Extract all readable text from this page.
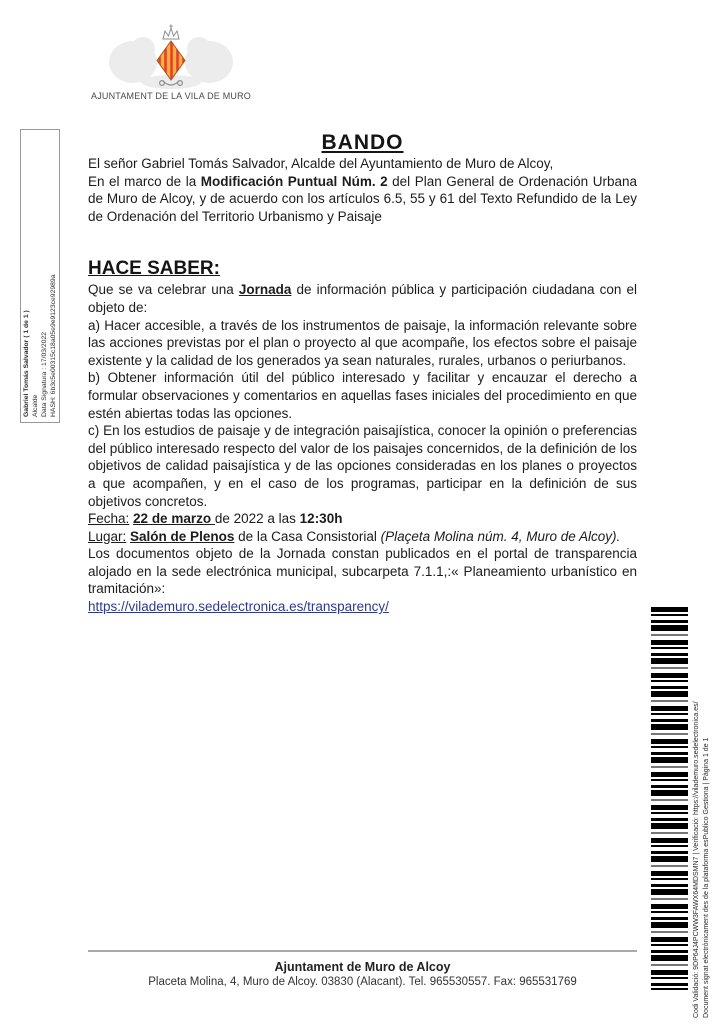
AJUNTAMENT DE LA VILA DE MURO
Gabriel Tomás Salvador ( 1 de 1 ) Alcalde Data Signatura : 17/03/2022 HASH: 6b3c5e00315c18a05e9e9123ce92989a
BANDO

El señor Gabriel Tomás Salvador, Alcalde del Ayuntamiento de Muro de Alcoy,

En el marco de la Modificación Puntual Núm. 2 del Plan General de Ordenación Urbana de Muro de Alcoy, y de acuerdo con los artículos 6.5, 55 y 61 del Texto Refundido de la Ley de Ordenación del Territorio Urbanismo y Paisaje

HACE SABER:

Que se va celebrar una Jornada de información pública y participación ciudadana con el objeto de:

a) Hacer accesible, a través de los instrumentos de paisaje, la información relevante sobre las acciones previstas por el plan o proyecto al que acompañe, los efectos sobre el paisaje existente y la calidad de los generados ya sean naturales, rurales, urbanos o periurbanos.

b) Obtener información útil del público interesado y facilitar y encauzar el derecho a formular observaciones y comentarios en aquellas fases iniciales del procedimiento en que estén abiertas todas las opciones.

c) En los estudios de paisaje y de integración paisajística, conocer la opinión o preferencias del público interesado respecto del valor de los paisajes concernidos, de la definición de los objetivos de calidad paisajística y de las opciones consideradas en los planes o proyectos a que acompañen, y en el caso de los programas, participar en la definición de sus objetivos concretos.

Fecha: 22 de marzo de 2022 a las 12:30h
Lugar: Salón de Plenos de la Casa Consistorial (Plaçeta Molina núm. 4, Muro de Alcoy).

Los documentos objeto de la Jornada constan publicados en el portal de transparencia alojado en la sede electrónica municipal, subcarpeta 7.1.1,:« Planeamiento urbanístico en tramitación»:

https://vilademuro.sedelectronica.es/transparency/

Ajuntament de Muro de Alcoy
Placeta Molina, 4, Muro de Alcoy. 03830 (Alacant). Tel. 965530557. Fax: 965531769	Codi Validació: 9DP64J4PCWW3FAWX64MDSMN7 | Verificació: https://vilademuro.sedelectronica.es/ Document signat electrònicament des de la plataforma esPublico Gestiona | Pàgina 1 de 1
